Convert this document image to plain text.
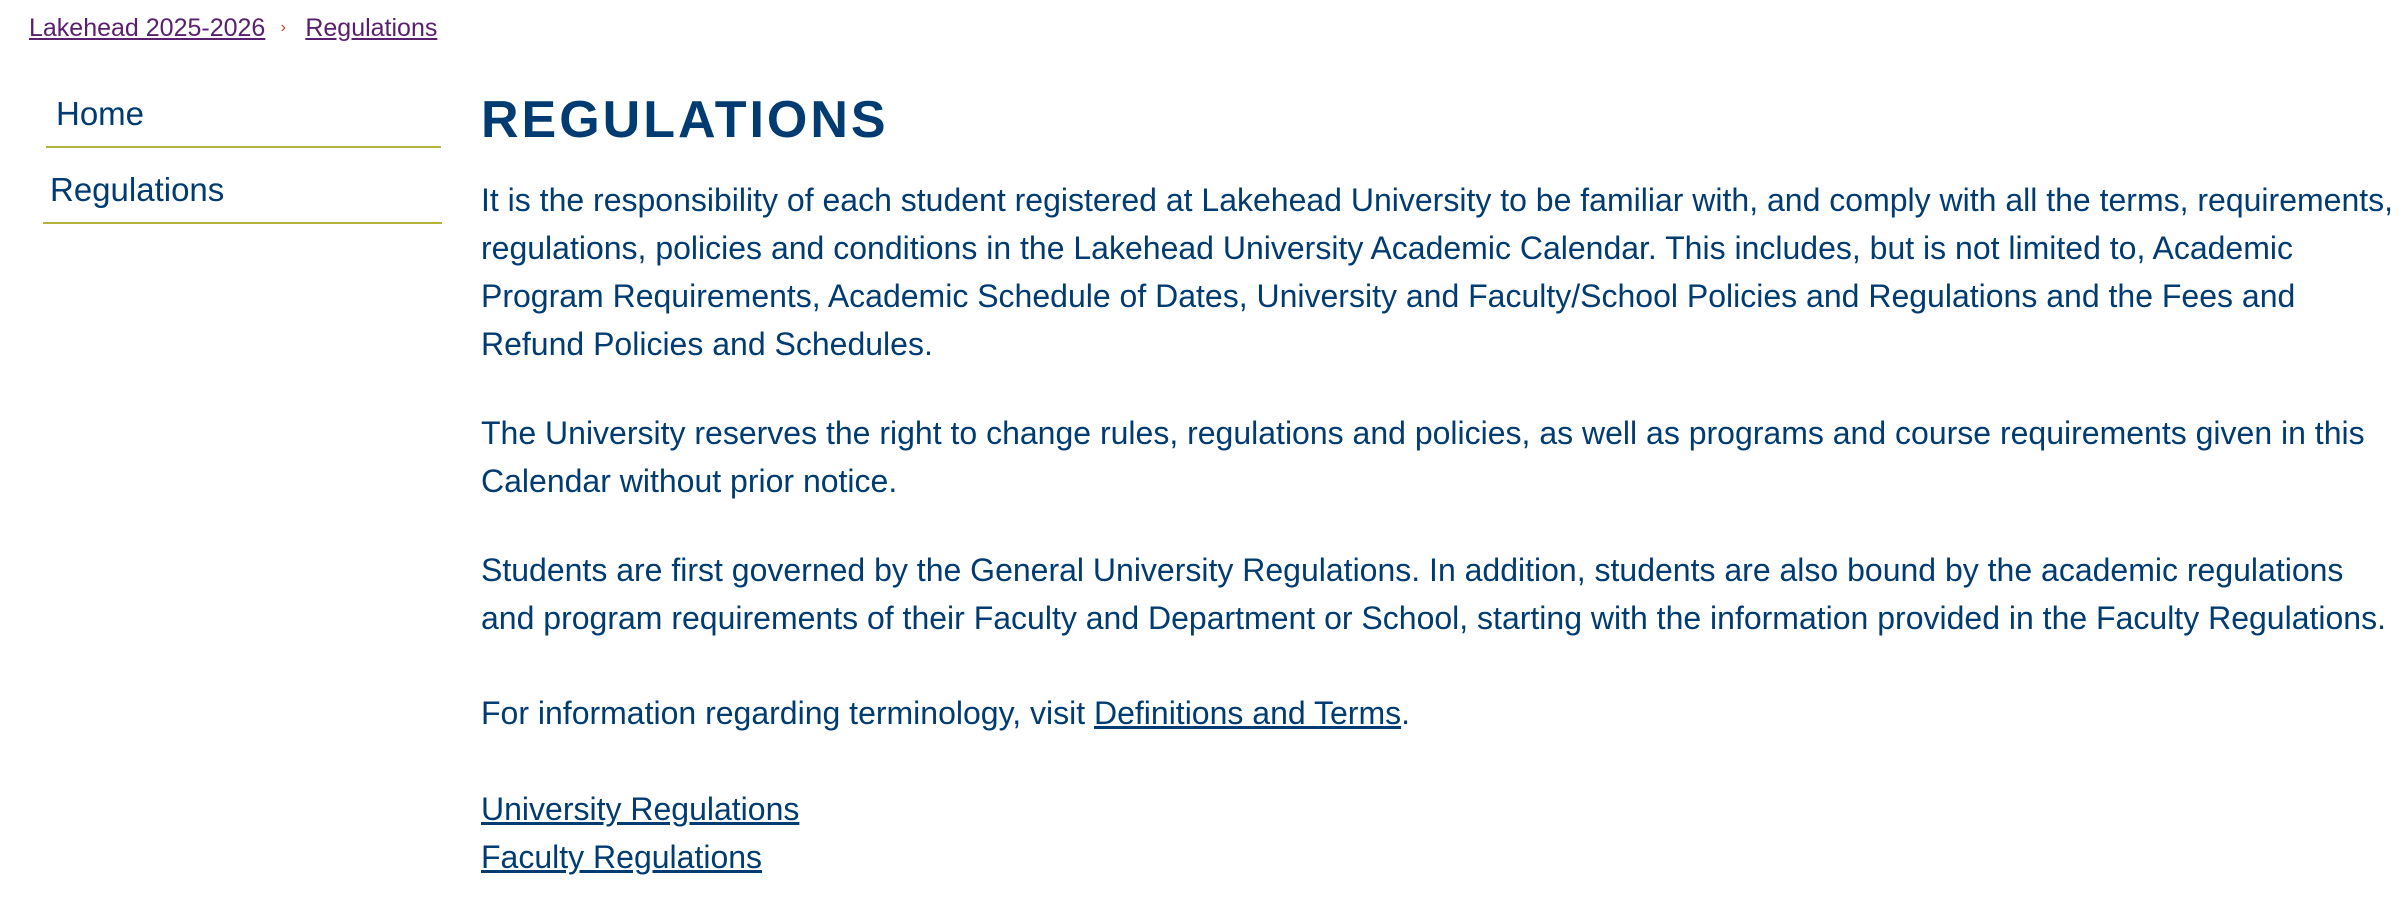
Lakehead 2025-2026 › Regulations
Home
Regulations
REGULATIONS

It is the responsibility of each student registered at Lakehead University to be familiar with, and comply with all the terms, requirements, regulations, policies and conditions in the Lakehead University Academic Calendar. This includes, but is not limited to, Academic Program Requirements, Academic Schedule of Dates, University and Faculty/School Policies and Regulations and the Fees and Refund Policies and Schedules.

The University reserves the right to change rules, regulations and policies, as well as programs and course requirements given in this Calendar without prior notice.

Students are first governed by the General University Regulations. In addition, students are also bound by the academic regulations and program requirements of their Faculty and Department or School, starting with the information provided in the Faculty Regulations.

For information regarding terminology, visit Definitions and Terms.

University Regulations
Faculty Regulations
